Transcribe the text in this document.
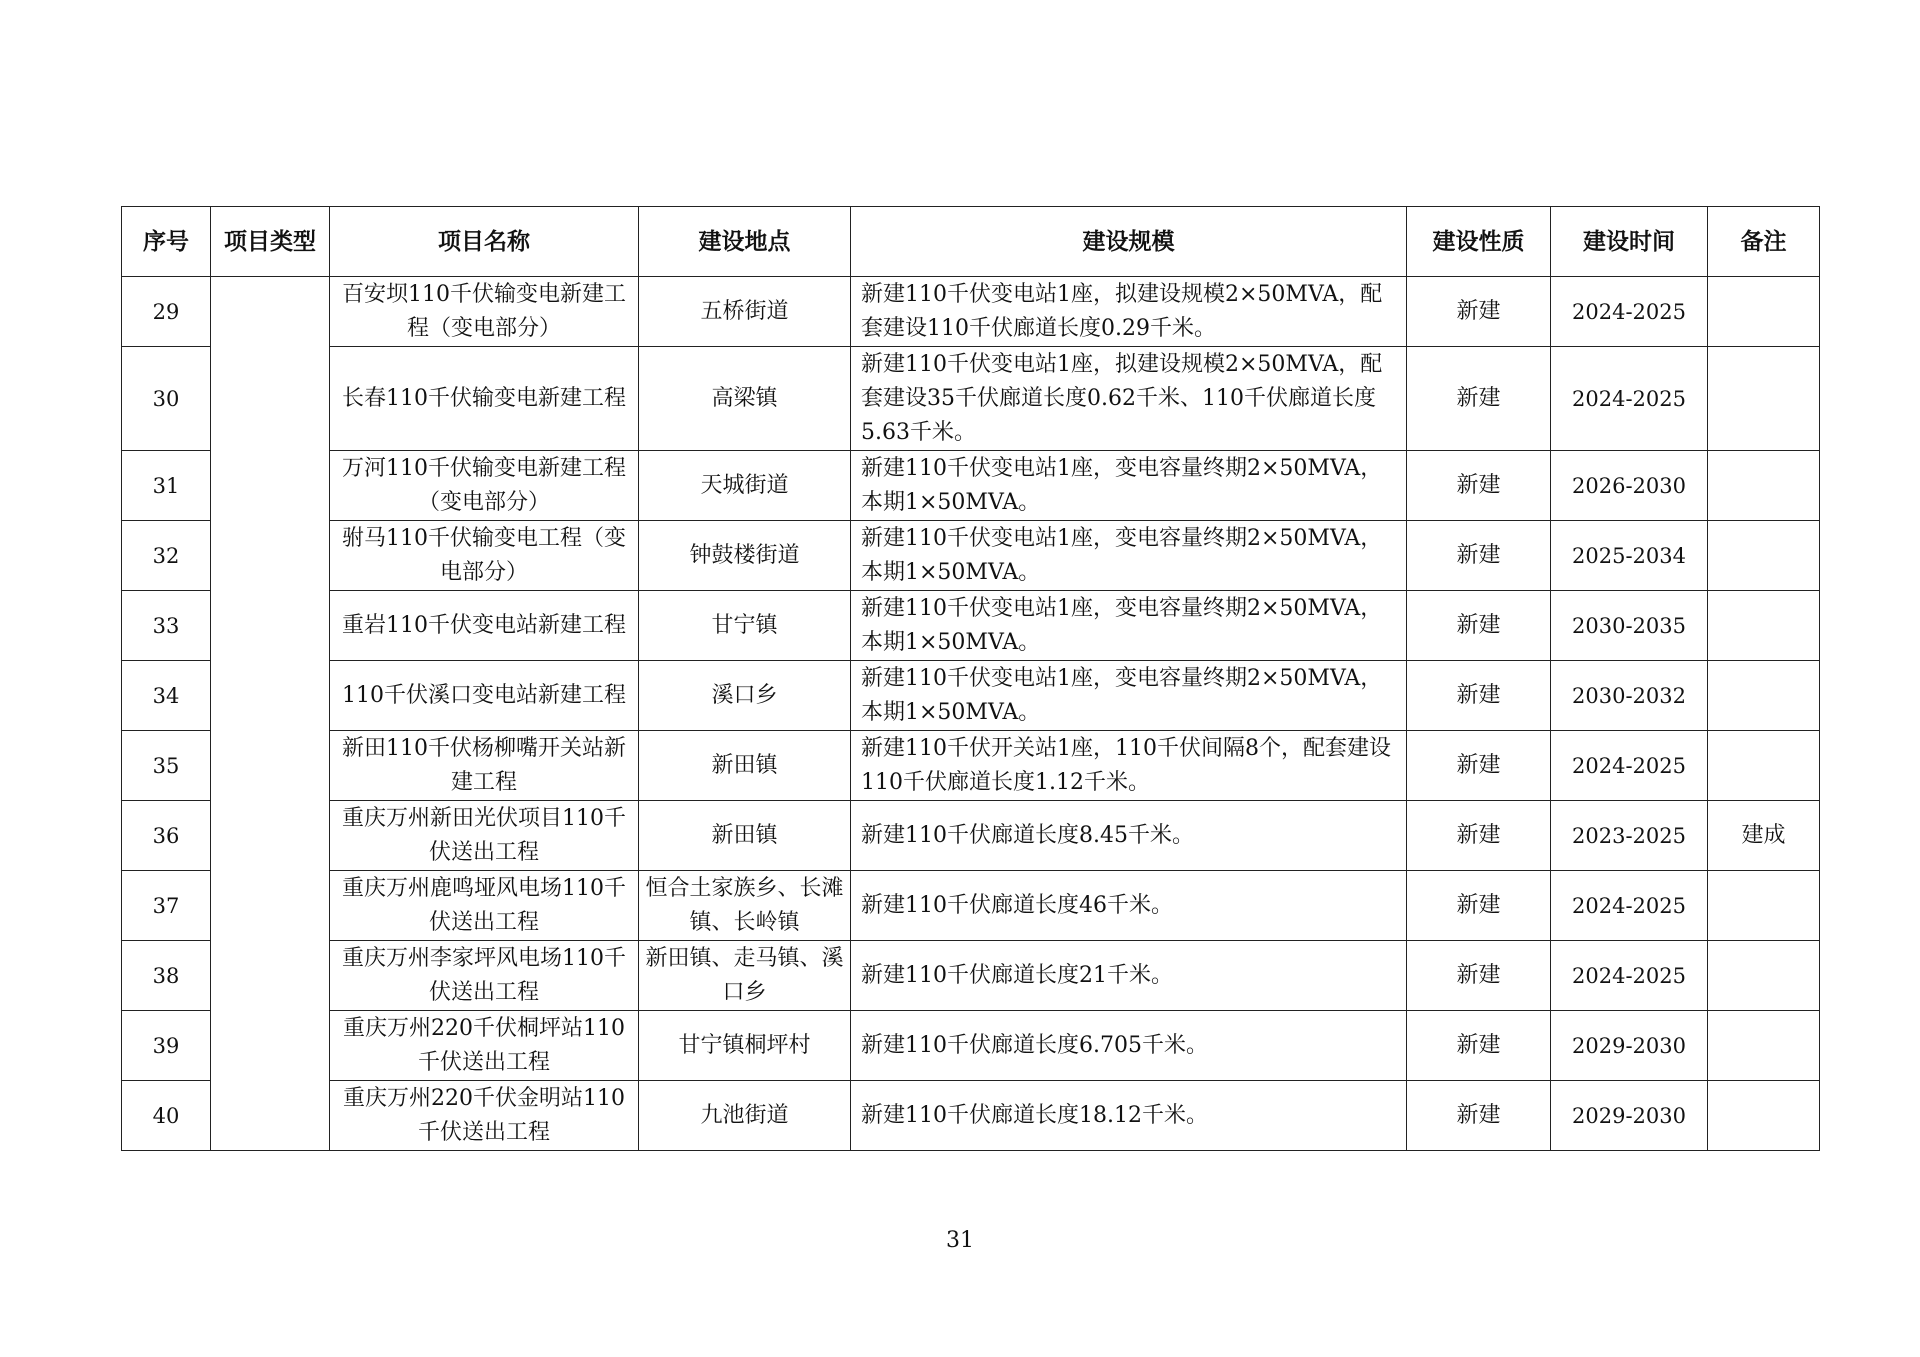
序号	项目类型	项目名称	建设地点	建设规模	建设性质	建设时间	备注
29		百安坝110千伏输变电新建工程（变电部分）	五桥街道	新建110千伏变电站1座，拟建设规模2×50MVA，配套建设110千伏廊道长度0.29千米。	新建	2024-2025	
30		长春110千伏输变电新建工程	高梁镇	新建110千伏变电站1座，拟建设规模2×50MVA，配套建设35千伏廊道长度0.62千米、110千伏廊道长度5.63千米。	新建	2024-2025	
31		万河110千伏输变电新建工程（变电部分）	天城街道	新建110千伏变电站1座，变电容量终期2×50MVA，本期1×50MVA。	新建	2026-2030	
32		驸马110千伏输变电工程（变电部分）	钟鼓楼街道	新建110千伏变电站1座，变电容量终期2×50MVA，本期1×50MVA。	新建	2025-2034	
33		重岩110千伏变电站新建工程	甘宁镇	新建110千伏变电站1座，变电容量终期2×50MVA，本期1×50MVA。	新建	2030-2035	
34		110千伏溪口变电站新建工程	溪口乡	新建110千伏变电站1座，变电容量终期2×50MVA，本期1×50MVA。	新建	2030-2032	
35		新田110千伏杨柳嘴开关站新建工程	新田镇	新建110千伏开关站1座，110千伏间隔8个，配套建设110千伏廊道长度1.12千米。	新建	2024-2025	
36		重庆万州新田光伏项目110千伏送出工程	新田镇	新建110千伏廊道长度8.45千米。	新建	2023-2025	建成
37		重庆万州鹿鸣垭风电场110千伏送出工程	恒合土家族乡、长滩镇、长岭镇	新建110千伏廊道长度46千米。	新建	2024-2025	
38		重庆万州李家坪风电场110千伏送出工程	新田镇、走马镇、溪口乡	新建110千伏廊道长度21千米。	新建	2024-2025	
39		重庆万州220千伏桐坪站110千伏送出工程	甘宁镇桐坪村	新建110千伏廊道长度6.705千米。	新建	2029-2030	
40		重庆万州220千伏金明站110千伏送出工程	九池街道	新建110千伏廊道长度18.12千米。	新建	2029-2030	
31
